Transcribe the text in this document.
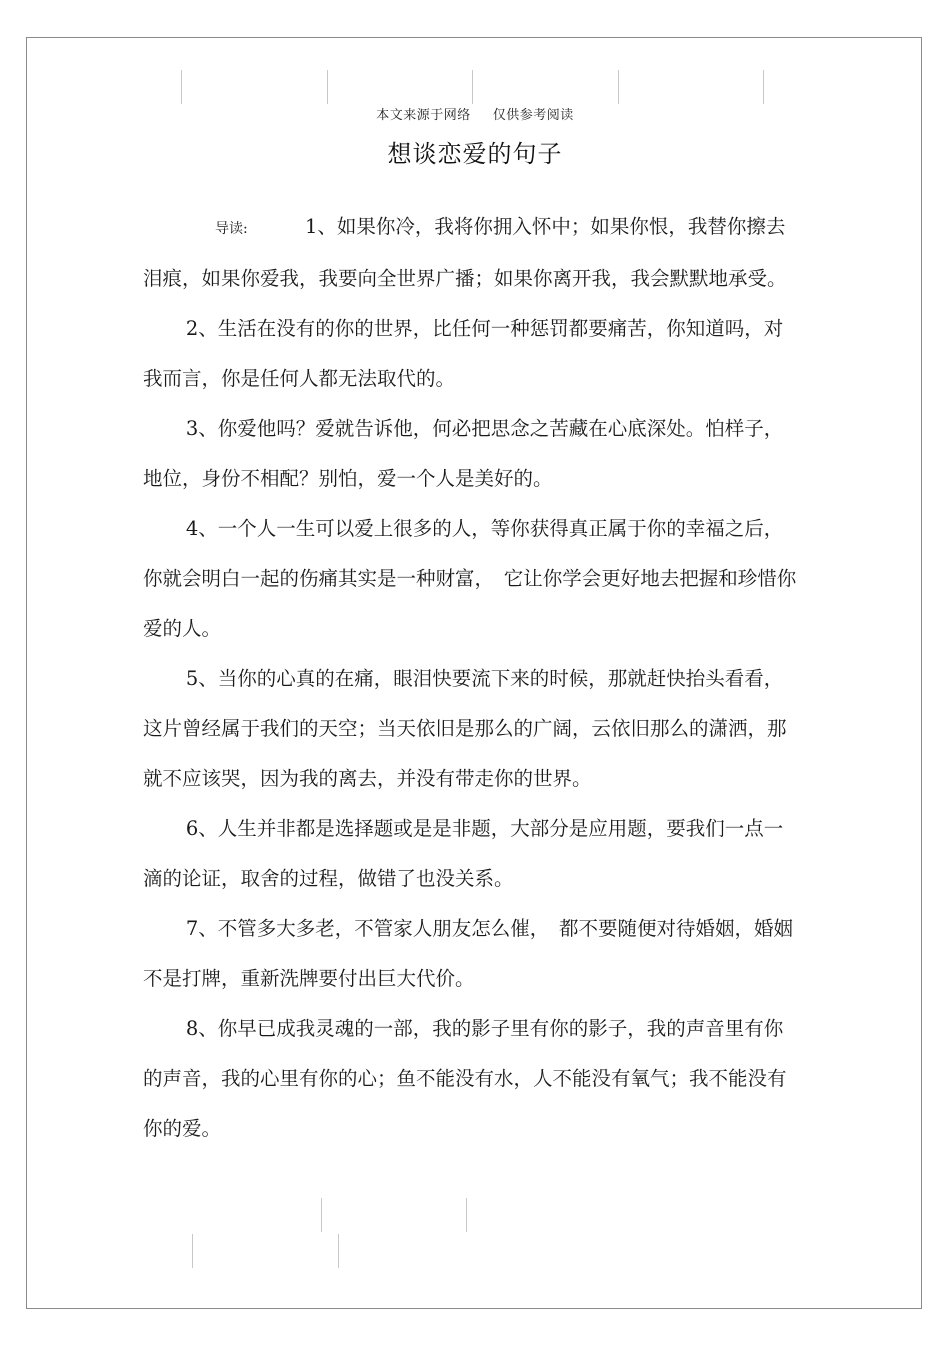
本文来源于网络 仅供参考阅读
想谈恋爱的句子

导读:	1、如果你冷，我将你拥入怀中；如果你恨，我替你擦去泪痕，如果你爱我，我要向全世界广播；如果你离开我，我会默默地承受。

2、生活在没有的你的世界，比任何一种惩罚都要痛苦，你知道吗，对我而言，你是任何人都无法取代的。

3、你爱他吗？爱就告诉他，何必把思念之苦藏在心底深处。怕样子，地位，身份不相配？别怕，爱一个人是美好的。

4、一个人一生可以爱上很多的人，等你获得真正属于你的幸福之后，你就会明白一起的伤痛其实是一种财富，　它让你学会更好地去把握和珍惜你爱的人。

5、当你的心真的在痛，眼泪快要流下来的时候，那就赶快抬头看看，这片曾经属于我们的天空；当天依旧是那么的广阔，云依旧那么的潇洒，那就不应该哭，因为我的离去，并没有带走你的世界。

6、人生并非都是选择题或是是非题，大部分是应用题，要我们一点一滴的论证，取舍的过程，做错了也没关系。

7、不管多大多老，不管家人朋友怎么催，　都不要随便对待婚姻，婚姻不是打牌，重新洗牌要付出巨大代价。

8、你早已成我灵魂的一部，我的影子里有你的影子，我的声音里有你的声音，我的心里有你的心；鱼不能没有水，人不能没有氧气；我不能没有你的爱。
